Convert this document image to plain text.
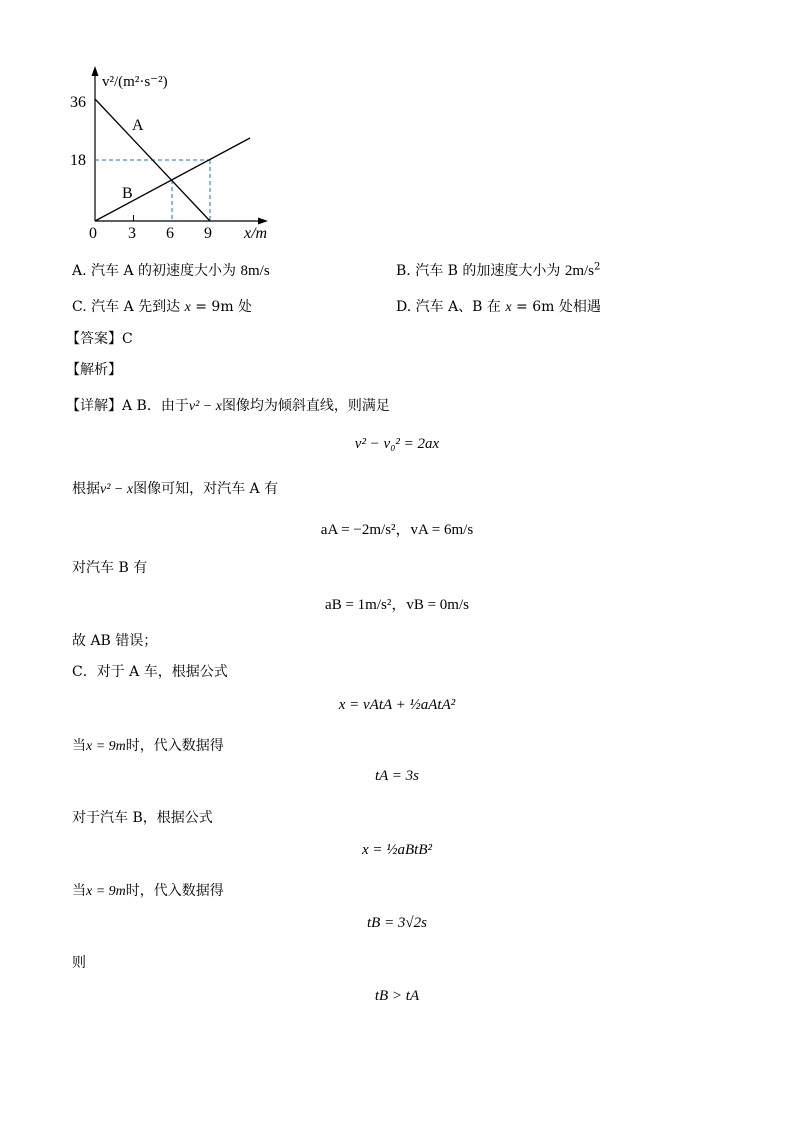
v²/(m²·s⁻²)
36
18
0 3 6 9 x/m
A
B
A. 汽车 A 的初速度大小为 8m/s	B. 汽车 B 的加速度大小为 $2m/s^2$
C. 汽车 A 先到达 x = 9m 处	D. 汽车 A、B 在 x = 6m 处相遇
【答案】C
【解析】
【详解】A B．由于v² − x图像均为倾斜直线，则满足
v² − v₀² = 2ax
根据v² − x图像可知，对汽车 A 有
aA = −2m/s²，vA = 6m/s
对汽车 B 有
aB = 1m/s²，vB = 0m/s
故 AB 错误；
C．对于 A 车，根据公式
x = vAtA + ½aAtA²
当x = 9m时，代入数据得
tA = 3s
对于汽车 B，根据公式
x = ½aBtB²
当x = 9m时，代入数据得
tB = 3√2s
则
tB > tA
